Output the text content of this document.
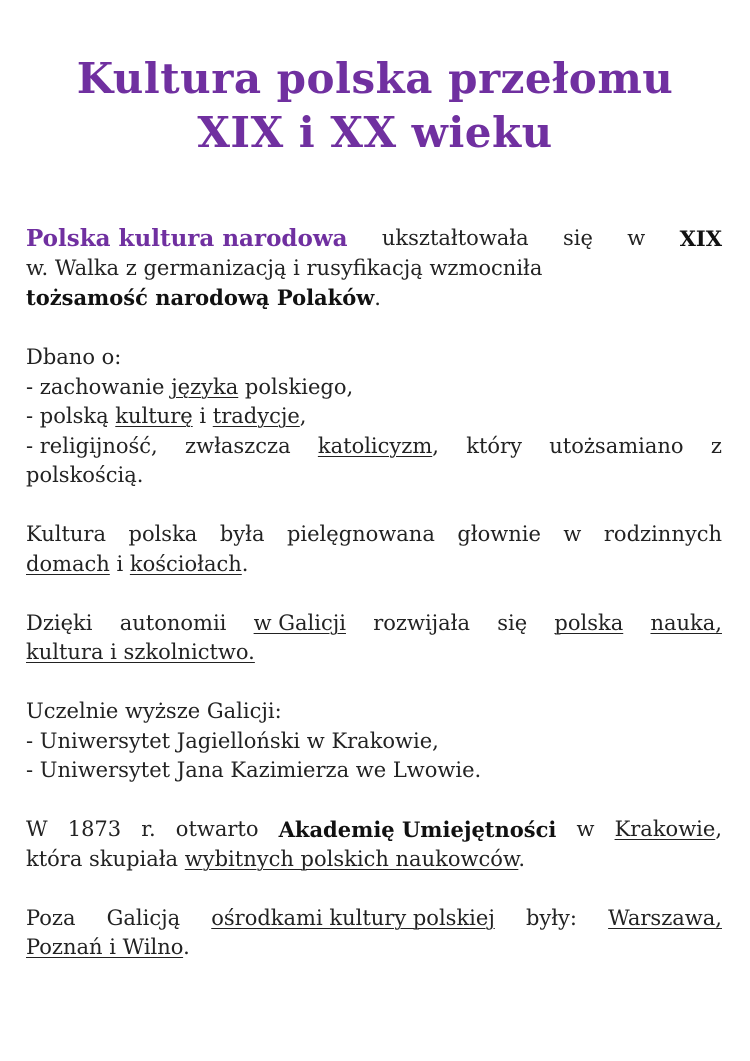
Kultura polska przełomu
XIX i XX wieku
Polska kultura narodowa ukształtowała się w XIX
w. Walka z germanizacją i rusyfikacją wzmocniła
tożsamość narodową Polaków.
Dbano o:
- zachowanie języka polskiego,
- polską kulturę i tradycje,
- religijność, zwłaszcza katolicyzm, który utożsamiano z
polskością.
Kultura polska była pielęgnowana głownie w rodzinnych
domach i kościołach.
Dzięki autonomii w Galicji rozwijała się polska nauka,
kultura i szkolnictwo.
Uczelnie wyższe Galicji:
- Uniwersytet Jagielloński w Krakowie,
- Uniwersytet Jana Kazimierza we Lwowie.
W 1873 r. otwarto Akademię Umiejętności w Krakowie,
która skupiała wybitnych polskich naukowców.
Poza Galicją ośrodkami kultury polskiej były: Warszawa,
Poznań i Wilno.
